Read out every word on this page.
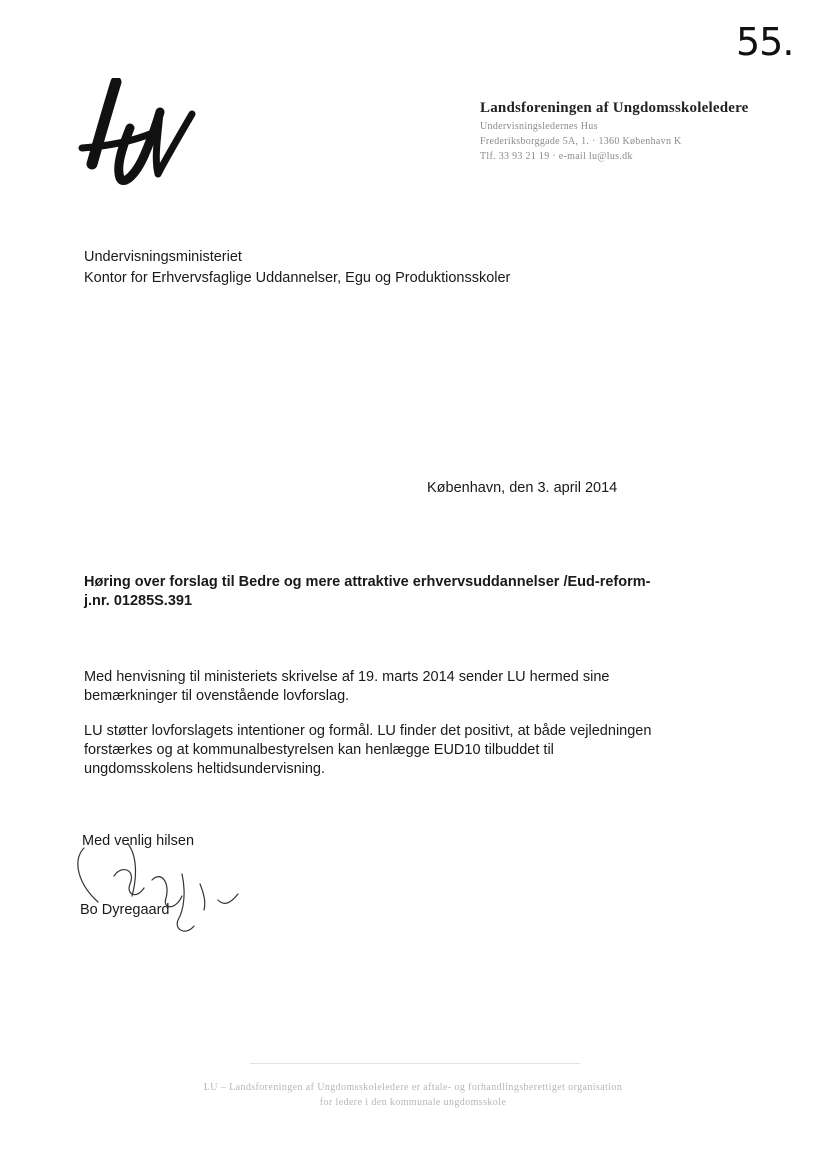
55.
LU
Landsforeningen af Ungdomsskoleledere
Undervisningsledernes Hus
Frederiksborggade 5A, 1. · 1360 København K
Tlf. 33 93 21 19 · e-mail lu@lus.dk
Undervisningsministeriet
Kontor for Erhvervsfaglige Uddannelser, Egu og Produktionsskoler
København, den 3. april 2014
Høring over forslag til Bedre og mere attraktive erhvervsuddannelser /Eud-reform-
j.nr. 01285S.391
Med henvisning til ministeriets skrivelse af 19. marts 2014 sender LU hermed sine
bemærkninger til ovenstående lovforslag.
LU støtter lovforslagets intentioner og formål. LU finder det positivt, at både vejledningen
forstærkes og at kommunalbestyrelsen kan henlægge EUD10 tilbuddet til
ungdomsskolens heltidsundervisning.
Med venlig hilsen
Bo Dyregaard
LU – Landsforeningen af Ungdomsskoleledere er aftale- og forhandlingsberettiget organisation
for ledere i den kommunale ungdomsskole
